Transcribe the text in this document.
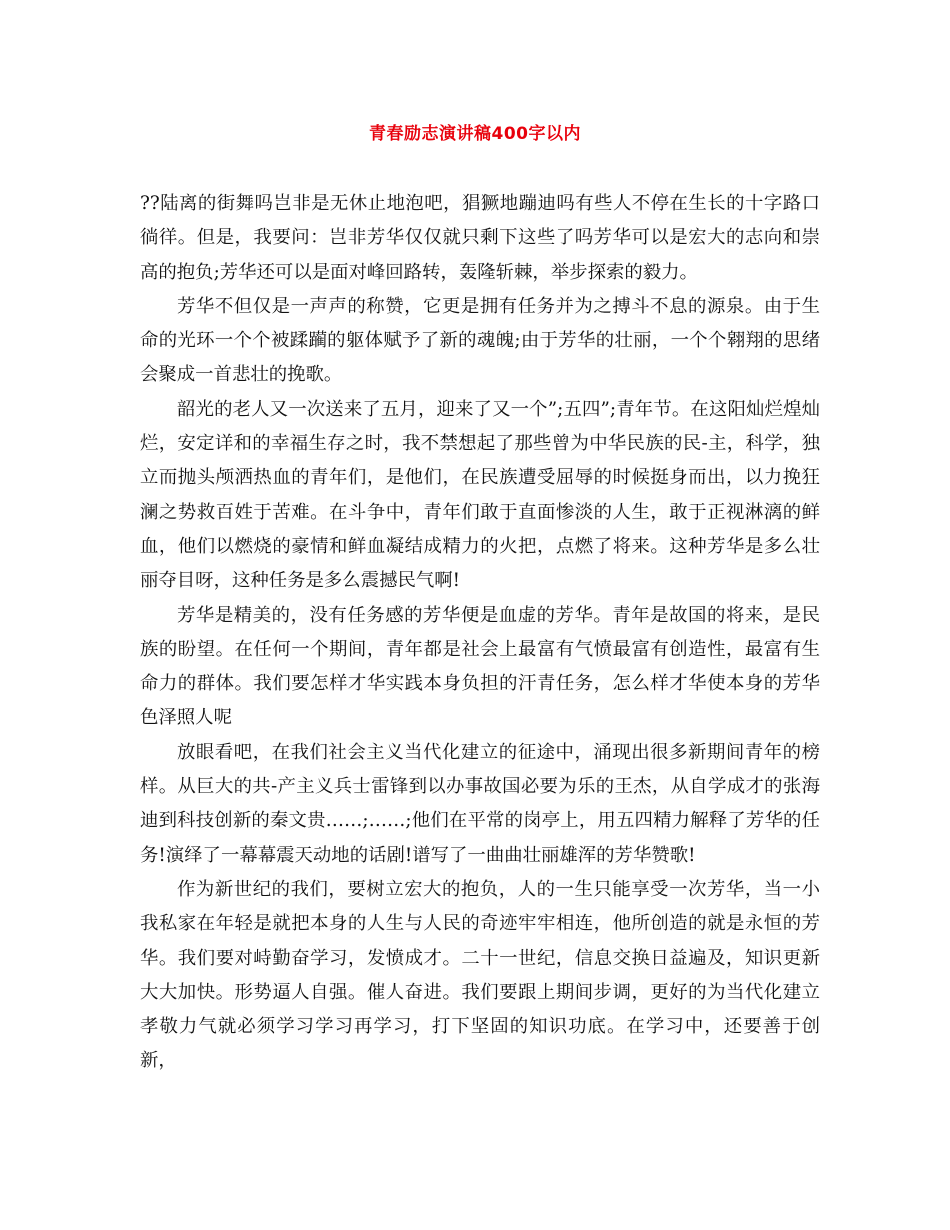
青春励志演讲稿400字以内

??陆离的街舞吗岂非是无休止地泡吧，猖獗地蹦迪吗有些人不停在生长的十字路口徜徉。但是，我要问：岂非芳华仅仅就只剩下这些了吗芳华可以是宏大的志向和崇高的抱负;芳华还可以是面对峰回路转，轰隆斩棘，举步探索的毅力。

芳华不但仅是一声声的称赞，它更是拥有任务并为之搏斗不息的源泉。由于生命的光环一个个被蹂躏的躯体赋予了新的魂魄;由于芳华的壮丽，一个个翱翔的思绪会聚成一首悲壮的挽歌。

韶光的老人又一次送来了五月，迎来了又一个”;五四”;青年节。在这阳灿烂煌灿烂，安定详和的幸福生存之时，我不禁想起了那些曾为中华民族的民-主，科学，独立而抛头颅洒热血的青年们，是他们，在民族遭受屈辱的时候挺身而出，以力挽狂澜之势救百姓于苦难。在斗争中，青年们敢于直面惨淡的人生，敢于正视淋漓的鲜血，他们以燃烧的豪情和鲜血凝结成精力的火把，点燃了将来。这种芳华是多么壮丽夺目呀，这种任务是多么震撼民气啊!

芳华是精美的，没有任务感的芳华便是血虚的芳华。青年是故国的将来，是民族的盼望。在任何一个期间，青年都是社会上最富有气愤最富有创造性，最富有生命力的群体。我们要怎样才华实践本身负担的汗青任务，怎么样才华使本身的芳华色泽照人呢

放眼看吧，在我们社会主义当代化建立的征途中，涌现出很多新期间青年的榜样。从巨大的共-产主义兵士雷锋到以办事故国必要为乐的王杰，从自学成才的张海迪到科技创新的秦文贵……;……;他们在平常的岗亭上，用五四精力解释了芳华的任务!演绎了一幕幕震天动地的话剧!谱写了一曲曲壮丽雄浑的芳华赞歌!

作为新世纪的我们，要树立宏大的抱负，人的一生只能享受一次芳华，当一小我私家在年轻是就把本身的人生与人民的奇迹牢牢相连，他所创造的就是永恒的芳华。我们要对峙勤奋学习，发愤成才。二十一世纪，信息交换日益遍及，知识更新大大加快。形势逼人自强。催人奋进。我们要跟上期间步调，更好的为当代化建立孝敬力气就必须学习学习再学习，打下坚固的知识功底。在学习中，还要善于创新，
